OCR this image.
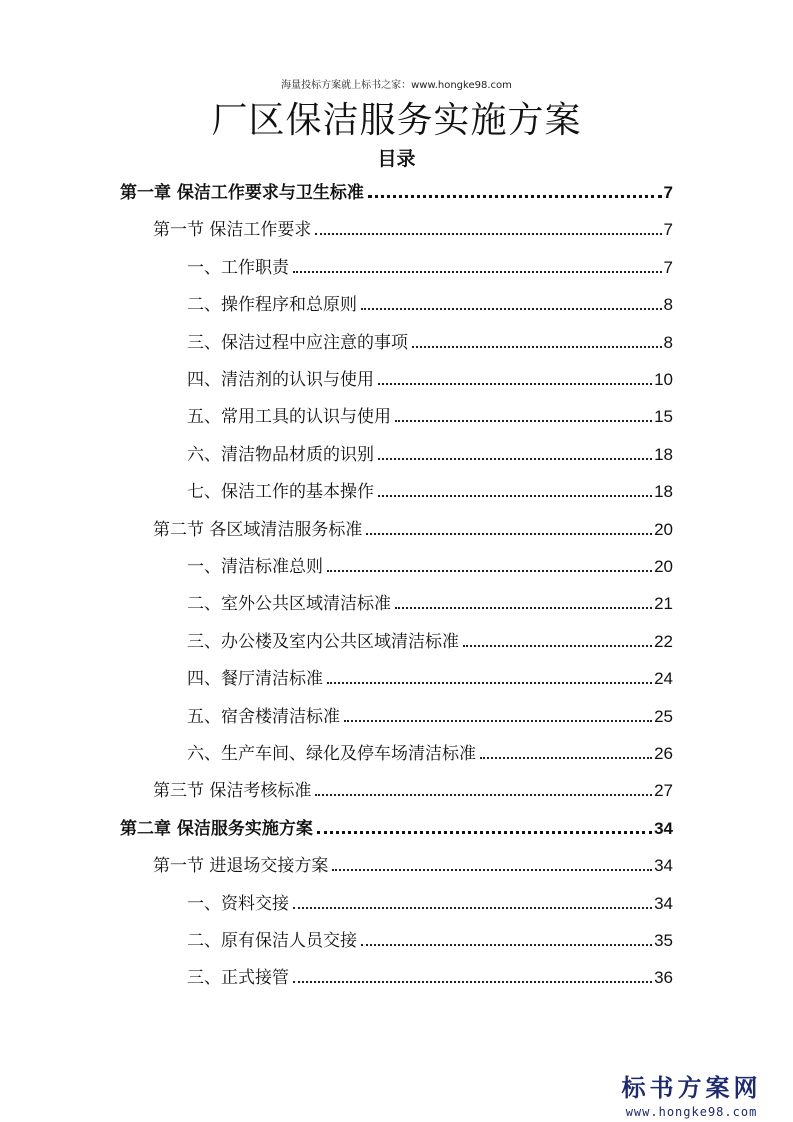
海量投标方案就上标书之家：www.hongke98.com
厂区保洁服务实施方案
目录
第一章 保洁工作要求与卫生标准	7
第一节 保洁工作要求	7
一、工作职责	7
二、操作程序和总原则	8
三、保洁过程中应注意的事项	8
四、清洁剂的认识与使用	10
五、常用工具的认识与使用	15
六、清洁物品材质的识别	18
七、保洁工作的基本操作	18
第二节 各区域清洁服务标准	20
一、清洁标准总则	20
二、室外公共区域清洁标准	21
三、办公楼及室内公共区域清洁标准	22
四、餐厅清洁标准	24
五、宿舍楼清洁标准	25
六、生产车间、绿化及停车场清洁标准	26
第三节 保洁考核标准	27
第二章 保洁服务实施方案	34
第一节 进退场交接方案	34
一、资料交接	34
二、原有保洁人员交接	35
三、正式接管	36
标书方案网
www.hongke98.com
